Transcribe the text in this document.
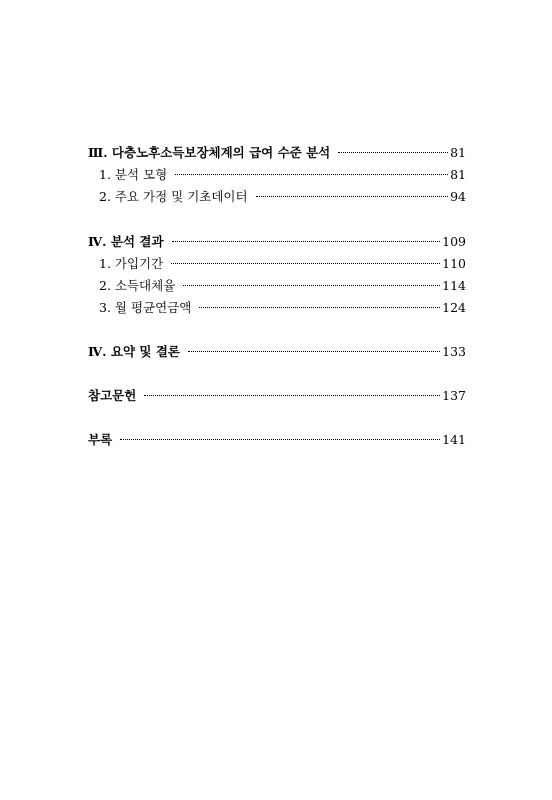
Ⅲ. 다층노후소득보장체계의 급여 수준 분석	81
1. 분석 모형	81
2. 주요 가정 및 기초데이터	94
Ⅳ. 분석 결과	109
1. 가입기간	110
2. 소득대체율	114
3. 월 평균연금액	124
Ⅳ. 요약 및 결론	133
참고문헌	137
부록	141
